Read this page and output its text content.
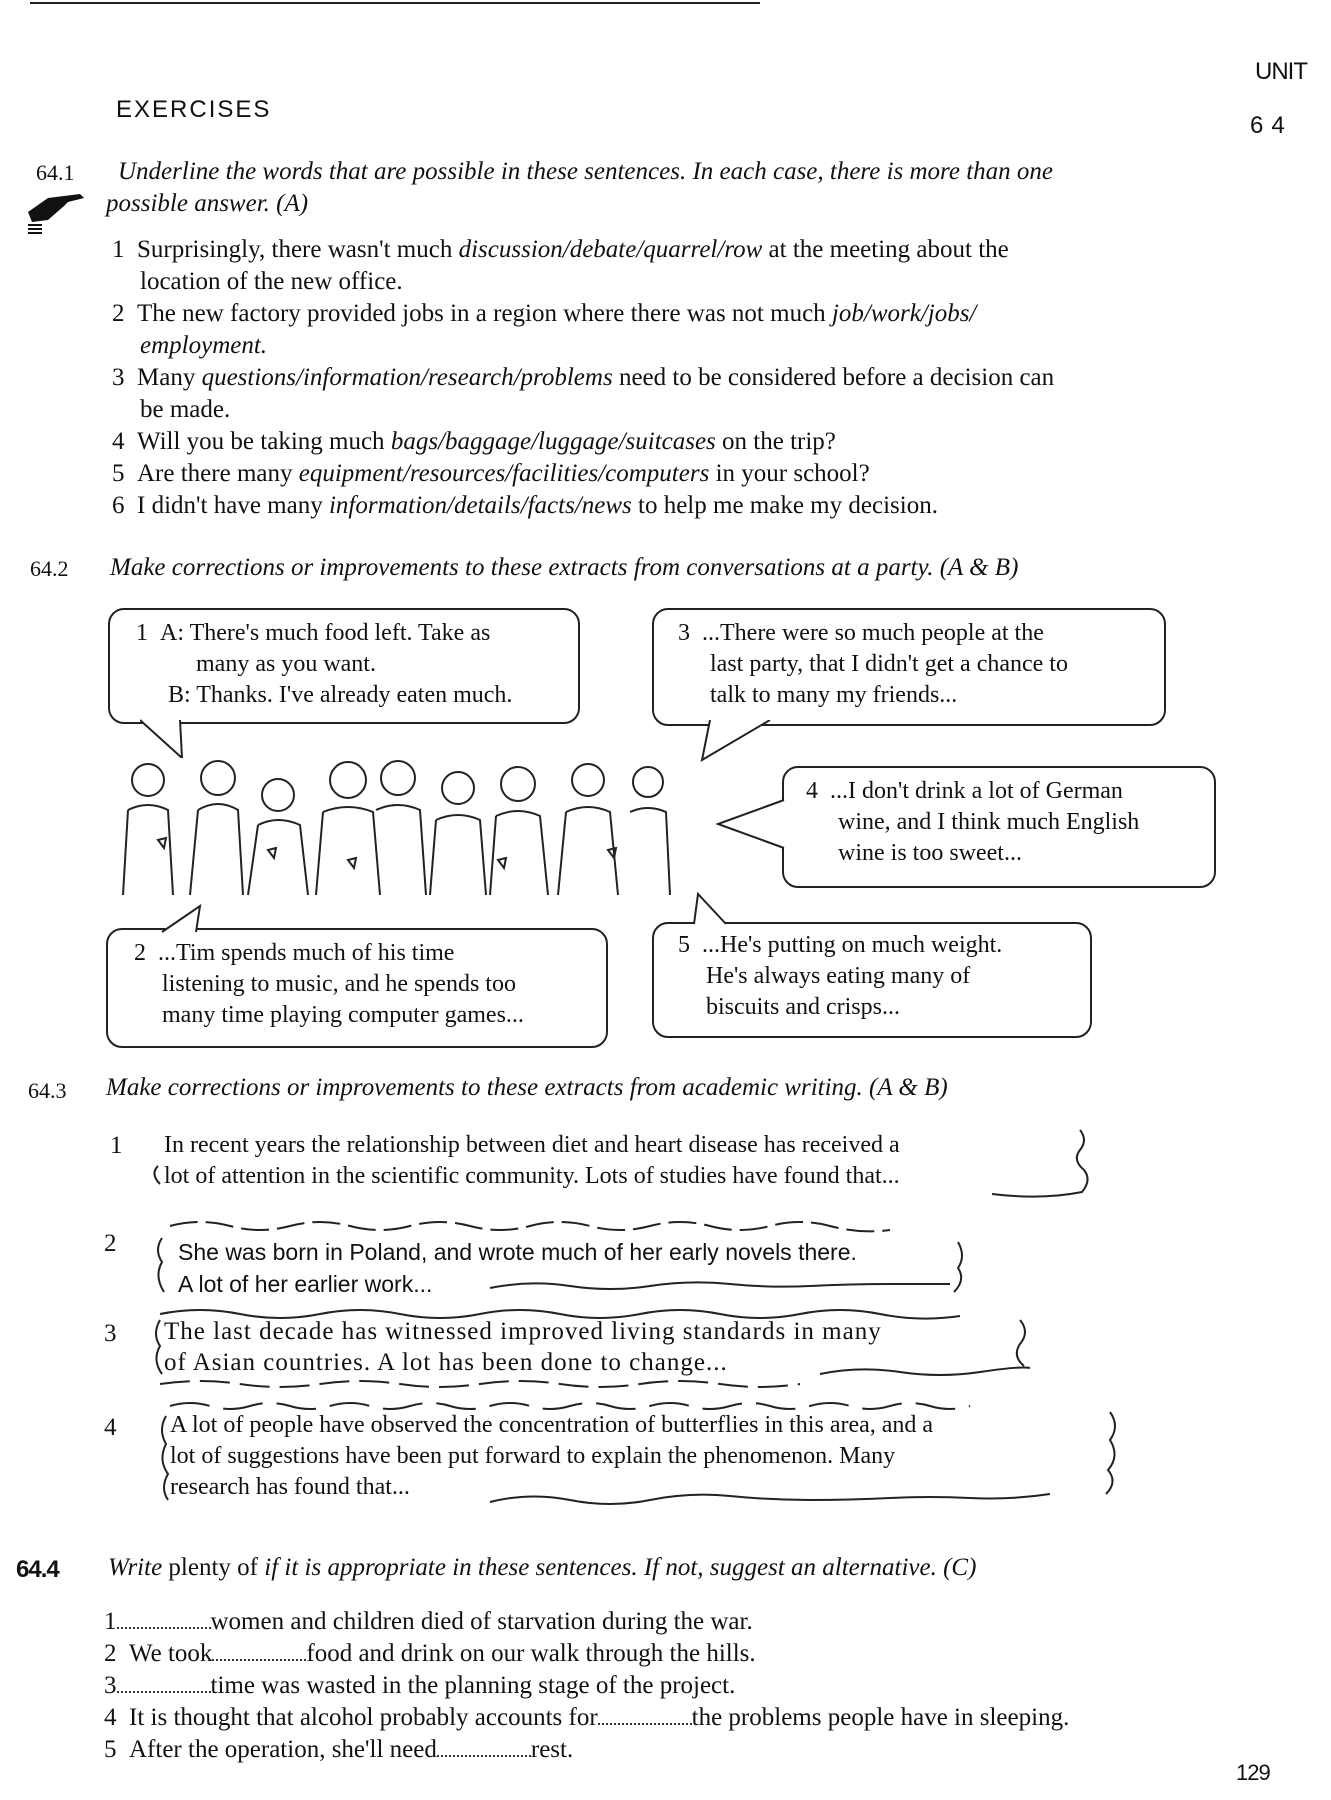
UNIT
64
EXERCISES
64.1 Underline the words that are possible in these sentences. In each case, there is more than one
possible answer. (A)
1 Surprisingly, there wasn't much discussion/debate/quarrel/row at the meeting about the
location of the new office.
2 The new factory provided jobs in a region where there was not much job/work/jobs/
employment.
3 Many questions/information/research/problems need to be considered before a decision can
be made.
4 Will you be taking much bags/baggage/luggage/suitcases on the trip?
5 Are there many equipment/resources/facilities/computers in your school?
6 I didn't have many information/details/facts/news to help me make my decision.
64.2 Make corrections or improvements to these extracts from conversations at a party. (A & B)
1 A: There's much food left. Take as
many as you want.
B: Thanks. I've already eaten much.
3 ...There were so much people at the
last party, that I didn't get a chance to
talk to many my friends...
4 ...I don't drink a lot of German
wine, and I think much English
wine is too sweet...
2 ...Tim spends much of his time
listening to music, and he spends too
many time playing computer games...
5 ...He's putting on much weight.
He's always eating many of
biscuits and crisps...
64.3 Make corrections or improvements to these extracts from academic writing. (A & B)
1 In recent years the relationship between diet and heart disease has received a
lot of attention in the scientific community. Lots of studies have found that...
2	She was born in Poland, and wrote much of her early novels there.
A lot of her earlier work...
3 The last decade has witnessed improved living standards in many
of Asian countries. A lot has been done to change...
4 A lot of people have observed the concentration of butterflies in this area, and a
lot of suggestions have been put forward to explain the phenomenon. Many
research has found that...
64.4 Write plenty of if it is appropriate in these sentences. If not, suggest an alternative. (C)
1	women and children died of starvation during the war.
2 We took	food and drink on our walk through the hills.
3	time was wasted in the planning stage of the project.
4 It is thought that alcohol probably accounts for	the problems people have in sleeping.
5 After the operation, she'll need	rest.
129
